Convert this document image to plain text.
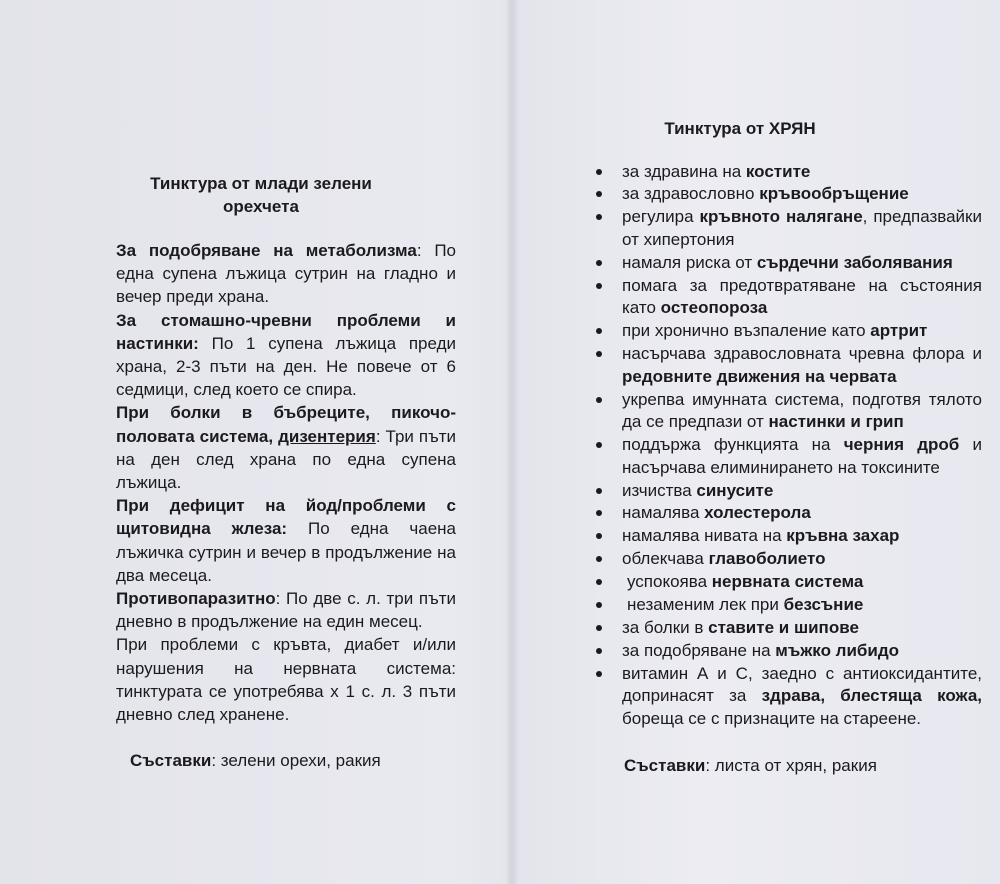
Тинктура от млади зелени орехчета

За подобряване на метаболизма: По една супена лъжица сутрин на гладно и вечер преди храна.

За стомашно-чревни проблеми и настинки: По 1 супена лъжица преди храна, 2-3 пъти на ден. Не повече от 6 седмици, след което се спира.

При болки в бъбреците, пикочо-половата система, дизентерия: Три пъти на ден след храна по една супена лъжица.

При дефицит на йод/проблеми с щитовидна жлеза: По една чаена лъжичка сутрин и вечер в продължение на два месеца.

Противопаразитно: По две с. л. три пъти дневно в продължение на един месец.

При проблеми с кръвта, диабет и/или нарушения на нервната система: тинктурата се употребява х 1 с. л. 3 пъти дневно след хранене.

Съставки: зелени орехи, ракия

Тинктура от ХРЯН
за здравина на костите
за здравословно кръвообръщение
регулира кръвното налягане, предпазвайки от хипертония
намаля риска от сърдечни заболявания
помага за предотвратяване на състояния като остеопороза
при хронично възпаление като артрит
насърчава здравословната чревна флора и редовните движения на червата
укрепва имунната система, подготвя тялото да се предпази от настинки и грип
поддържа функцията на черния дроб и насърчава елиминирането на токсините
изчиства синусите
намалява холестерола
намалява нивата на кръвна захар
облекчава главоболието
успокоява нервната система
незаменим лек при безсъние
за болки в ставите и шипове
за подобряване на мъжко либидо
витамин А и С, заедно с антиоксидантите, допринасят за здрава, блестяща кожа, бореща се с признаците на стареене.

Съставки: листа от хрян, ракия
